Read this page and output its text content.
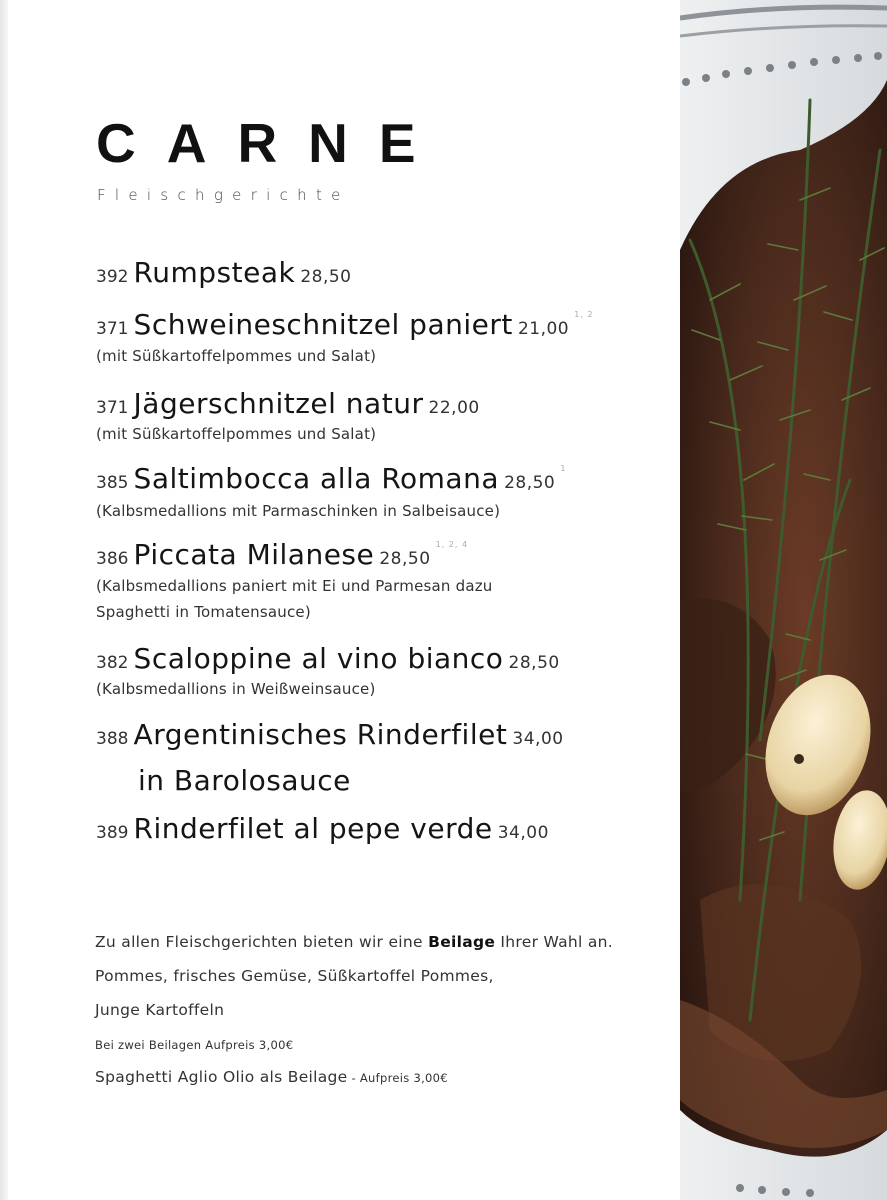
CARNE
Fleischgerichte
392 Rumpsteak 28,50
371 Schweineschnitzel paniert 21,00 $^{1, 2}$
(mit Süßkartoffelpommes und Salat)
371 Jägerschnitzel natur 22,00
(mit Süßkartoffelpommes und Salat)
385 Saltimbocca alla Romana 28,50 $^1$
(Kalbsmedallions mit Parmaschinken in Salbeisauce)
386 Piccata Milanese 28,50 $^{1, 2, 4}$
(Kalbsmedallions paniert mit Ei und Parmesan dazu
Spaghetti in Tomatensauce)
382 Scaloppine al vino bianco 28,50
(Kalbsmedallions in Weißweinsauce)
388 Argentinisches Rinderfilet 34,00
in Barolosauce
389 Rinderfilet al pepe verde 34,00
Zu allen Fleischgerichten bieten wir eine Beilage Ihrer Wahl an.
Pommes, frisches Gemüse, Süßkartoffel Pommes,
Junge Kartoffeln
Bei zwei Beilagen Aufpreis 3,00€
Spaghetti Aglio Olio als Beilage - Aufpreis 3,00€
